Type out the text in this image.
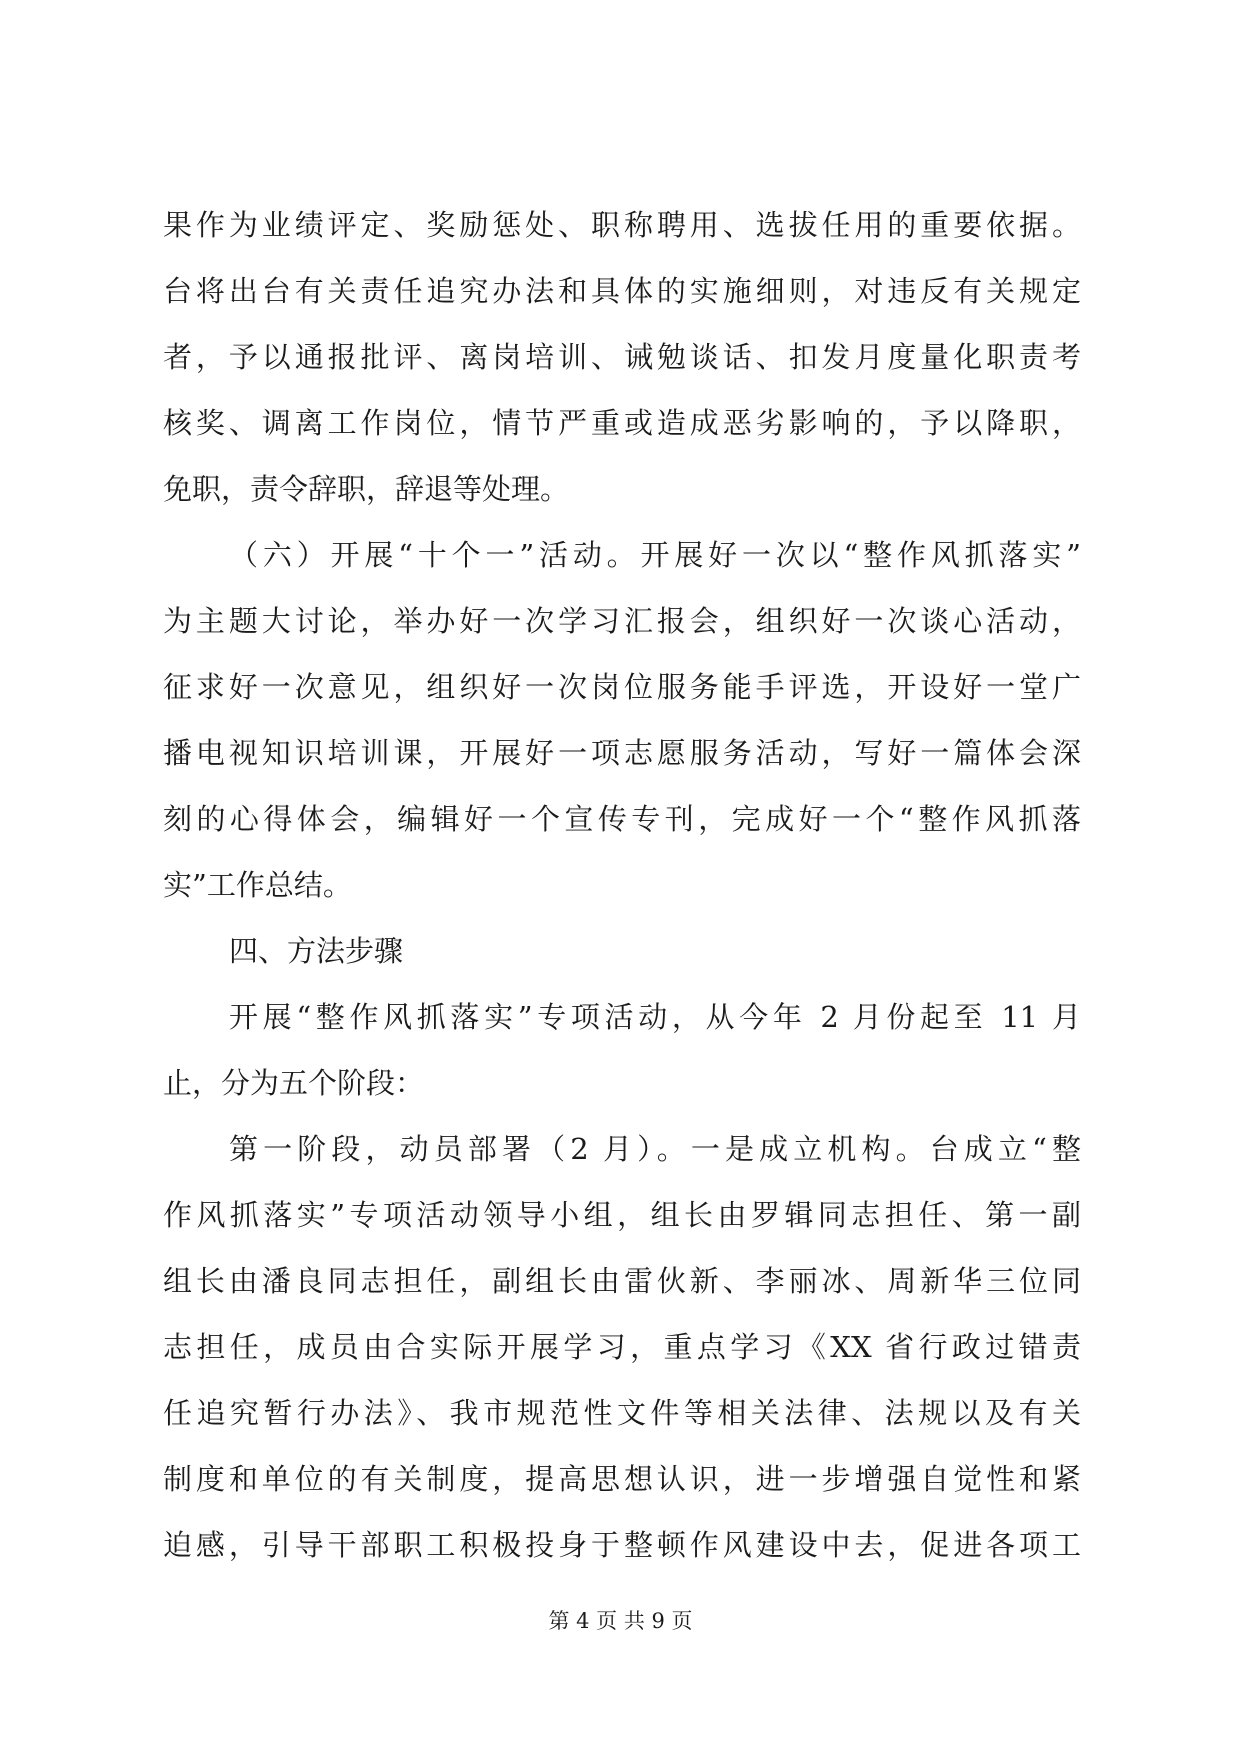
果作为业绩评定、奖励惩处、职称聘用、选拔任用的重要依据。
台将出台有关责任追究办法和具体的实施细则，对违反有关规定
者，予以通报批评、离岗培训、诫勉谈话、扣发月度量化职责考
核奖、调离工作岗位，情节严重或造成恶劣影响的，予以降职，
免职，责令辞职，辞退等处理。
（六）开展“十个一”活动。开展好一次以“整作风抓落实”
为主题大讨论，举办好一次学习汇报会，组织好一次谈心活动，
征求好一次意见，组织好一次岗位服务能手评选，开设好一堂广
播电视知识培训课，开展好一项志愿服务活动，写好一篇体会深
刻的心得体会，编辑好一个宣传专刊，完成好一个“整作风抓落
实”工作总结。
四、方法步骤
开展“整作风抓落实”专项活动，从今年 2 月份起至 11 月
止，分为五个阶段：
第一阶段，动员部署（2 月）。一是成立机构。台成立“整
作风抓落实”专项活动领导小组，组长由罗辑同志担任、第一副
组长由潘良同志担任，副组长由雷伙新、李丽冰、周新华三位同
志担任，成员由合实际开展学习，重点学习《XX 省行政过错责
任追究暂行办法》、我市规范性文件等相关法律、法规以及有关
制度和单位的有关制度，提高思想认识，进一步增强自觉性和紧
迫感，引导干部职工积极投身于整顿作风建设中去，促进各项工
第 4 页 共 9 页
